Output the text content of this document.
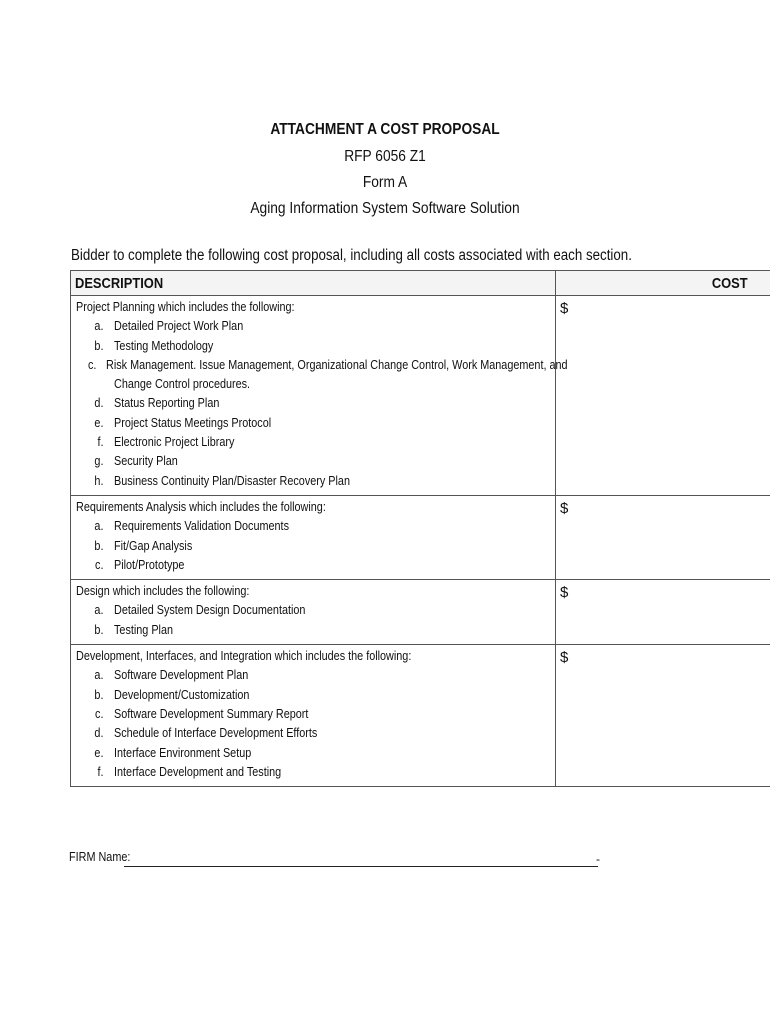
ATTACHMENT A COST PROPOSAL
RFP 6056 Z1
Form A
Aging Information System Software Solution
Bidder to complete the following cost proposal, including all costs associated with each section.
DESCRIPTION	COST
Project Planning which includes the following:
a. Detailed Project Work Plan
b. Testing Methodology
c. Risk Management. Issue Management, Organizational Change Control, Work Management, and
Change Control procedures.
d. Status Reporting Plan
e. Project Status Meetings Protocol
f. Electronic Project Library
g. Security Plan
h. Business Continuity Plan/Disaster Recovery Plan
$
Requirements Analysis which includes the following:
a. Requirements Validation Documents
b. Fit/Gap Analysis
c. Pilot/Prototype
$
Design which includes the following:
a. Detailed System Design Documentation
b. Testing Plan
$
Development, Interfaces, and Integration which includes the following:
a. Software Development Plan
b. Development/Customization
c. Software Development Summary Report
d. Schedule of Interface Development Efforts
e. Interface Environment Setup
f. Interface Development and Testing
$
FIRM Name:	-
